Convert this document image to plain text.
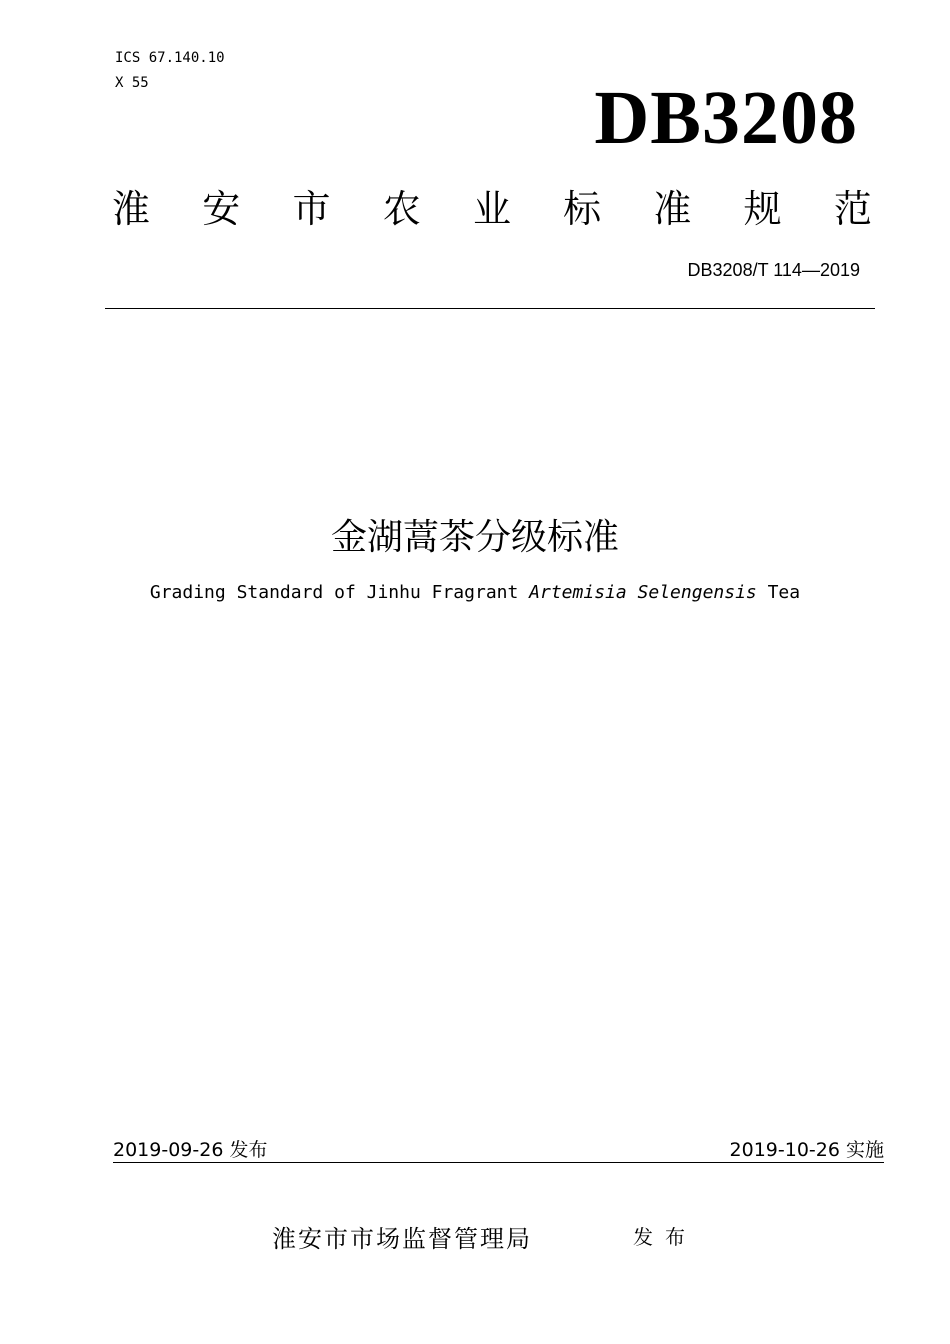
ICS 67.140.10
X 55	DB3208
淮 安 市 农 业 标 准 规 范
DB3208/T 114—2019
金湖蒿茶分级标准
Grading Standard of Jinhu Fragrant Artemisia Selengensis Tea
2019-09-26 发布	2019-10-26 实施
淮安市市场监督管理局	发布
